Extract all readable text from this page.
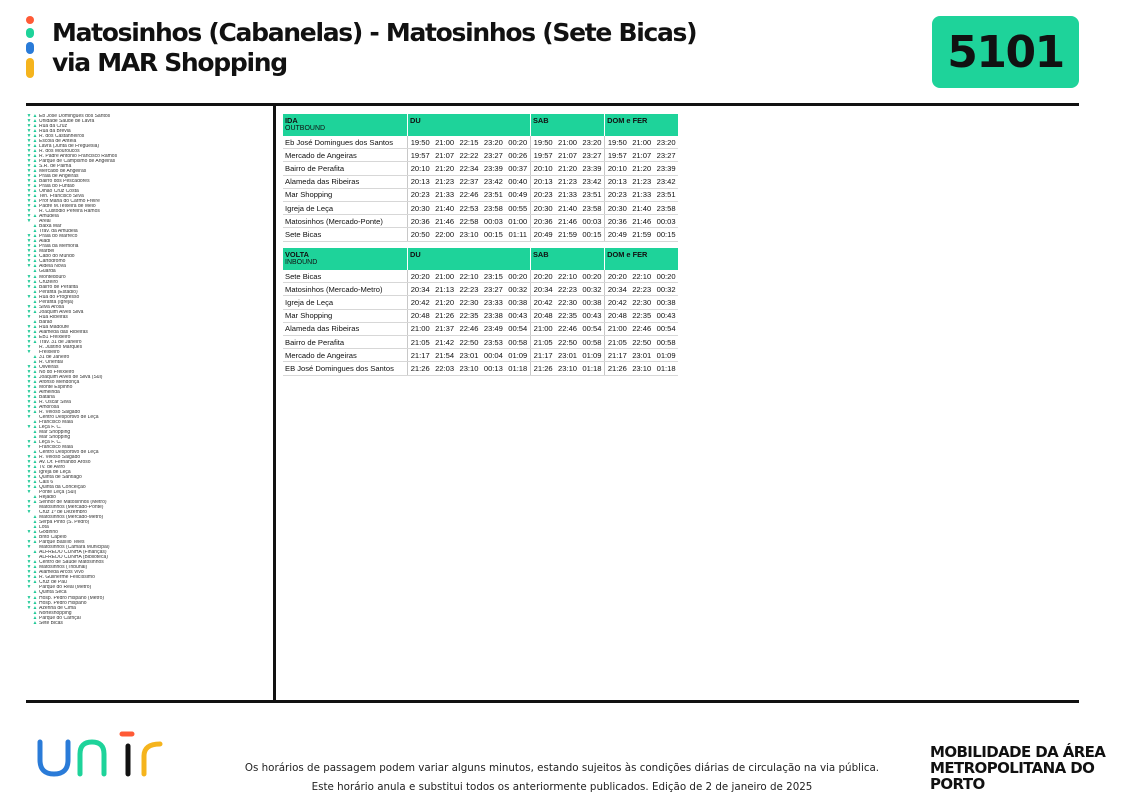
Matosinhos (Cabanelas) - Matosinhos (Sete Bicas)
via MAR Shopping	5101
▼▲ Eb José Domingues dos Santos
▼▲ Unidade Saúde de Lavra
▼▲ Rua da Cruz
▼▲ Rua da Brêvia
▼▲ R. dos Castanheiros
▼▲ Escola de Antela
▼▲ Lavra (Junta de Freguesia)
▼▲ R. dos Mouroucos
▼▲ R. Padre António Francisco Ramos
▼▲ Parque de Campismo de Angeiras
▼▲ S.R. de Palma
▼▲ Mercado de Angeiras
▼▲ Praia de Angeiras
▼▲ Bairro dos Pescadores
▼▲ Praia do Funtão
▼▲ Olhão Cruz Costa
▼▲ Ten. Francisco Silva
▼▲ Prof Maria do Carmo Freire
▼▲ Padre M.Teixeira de Melo
▼ R. Custódio Pereira Ramos
▼▲ Amudela
▼ Areal
▲ Baixa Mar
▲ Trav. da Amudela
▼▲ Praia do Marreco
▼▲ Aladi
▼▲ Praia da Memória
▼▲ Marbel
▼▲ Cabo do Mundo
▼▲ Cartódromo
▼▲ Aldeia Nova
▲ Guarda
▼▲ Montedouro
▼▲ Cruzeiro
▼▲ Bairro de Perafita
▲ Perafita (Estádio)
▼▲ Rua do Progresso
▲ Perafita (Igreja)
▼▲ Silva Arosa
▼▲ Joaquim Alves Silva
▼ Rua Ribeiras
▲ Barão
▼▲ Rua Madoufe
▼▲ Alameda das Ribeiras
▼▲ EB1 Freixieiro
▼▲ Trav. 31 de Janeiro
▼ R. Justino Marques
▼ Freixieiro
▲ 31 de Janeiro
▲ R. Oriental
▼▲ Oliveiras
▼▲ Nó do Freixieiro
▼▲ Joaquim Alves de Silva (Sul)
▼▲ Afonso Mendonça
▼▲ Monte Espinho
▼▲ Almeirida
▼▲ Bataria
▼▲ R. Óscar Silva
▼▲ Amorosa
▼▲ R. Veloso Salgado
▼ Centro Desportivo de Leça
▲ Francisco Maia
▼▲ Leça F. C.
▲ Mar Shopping
▲ Mar Shopping
▼▲ Leça F. C.
▼ Francisco Maia
▲ Centro Desportivo de Leça
▼▲ R. Veloso Salgado
▼▲ Av. Dr. Fernando Aroso
▼▲ Tv. de Aviro
▼▲ Igreja de Leça
▼▲ Quinta de Santiago
▼▲ Cais 6
▼▲ Quinta da Conceição
▼ Ponte Leça (Sul)
▲ Rejádio
▼▲ Senhor de Matosinhos (Metro)
▼ Matosinhos (Mercado-Ponte)
▼ Cruz 1º de Dezembro
▲ Matosinhos (Mercado-Metro)
▲ Serpa Pinto (S. Pedro)
▲ Lota
▼▲ Godinho
▲ Brito Capelo
▼▲ Parque Basílio Teles
▼ Matosinhos (Câmara Municipal)
▲ ALFREDO CUNHA (Finanças)
▼ ALFREDO CUNHA (Biblioteca)
▼▲ Centro de Saúde Matosinhos
▼▲ Matosinhos (Tribunal)
▼▲ Alameda Arcos Vivo
▼▲ R. Guilherme Felicíssimo
▼▲ Cruz de Pau
▼ Parque do Real (Metro)
▲ Quinta Seca
▼▲ Hosp. Pedro Hispano (Metro)
▼▲ Hosp. Pedro Hispano
▼▲ Azenha de Cima
▲ Norteshopping
▲ Parque do Carriçal
▲ Sete Bicas
IDA	DU					SAB			DOM e FER		
OUTBOUND											
Eb José Domingues dos Santos	19:50	21:00	22:15	23:20	00:20	19:50	21:00	23:20	19:50	21:00	23:20
Mercado de Angeiras	19:57	21:07	22:22	23:27	00:26	19:57	21:07	23:27	19:57	21:07	23:27
Bairro de Perafita	20:10	21:20	22:34	23:39	00:37	20:10	21:20	23:39	20:10	21:20	23:39
Alameda das Ribeiras	20:13	21:23	22:37	23:42	00:40	20:13	21:23	23:42	20:13	21:23	23:42
Mar Shopping	20:23	21:33	22:46	23:51	00:49	20:23	21:33	23:51	20:23	21:33	23:51
Igreja de Leça	20:30	21:40	22:53	23:58	00:55	20:30	21:40	23:58	20:30	21:40	23:58
Matosinhos (Mercado-Ponte)	20:36	21:46	22:58	00:03	01:00	20:36	21:46	00:03	20:36	21:46	00:03
Sete Bicas	20:50	22:00	23:10	00:15	01:11	20:49	21:59	00:15	20:49	21:59	00:15
VOLTA	DU					SAB			DOM e FER		
INBOUND											
Sete Bicas	20:20	21:00	22:10	23:15	00:20	20:20	22:10	00:20	20:20	22:10	00:20
Matosinhos (Mercado-Metro)	20:34	21:13	22:23	23:27	00:32	20:34	22:23	00:32	20:34	22:23	00:32
Igreja de Leça	20:42	21:20	22:30	23:33	00:38	20:42	22:30	00:38	20:42	22:30	00:38
Mar Shopping	20:48	21:26	22:35	23:38	00:43	20:48	22:35	00:43	20:48	22:35	00:43
Alameda das Ribeiras	21:00	21:37	22:46	23:49	00:54	21:00	22:46	00:54	21:00	22:46	00:54
Bairro de Perafita	21:05	21:42	22:50	23:53	00:58	21:05	22:50	00:58	21:05	22:50	00:58
Mercado de Angeiras	21:17	21:54	23:01	00:04	01:09	21:17	23:01	01:09	21:17	23:01	01:09
EB José Domingues dos Santos	21:26	22:03	23:10	00:13	01:18	21:26	23:10	01:18	21:26	23:10	01:18
Os horários de passagem podem variar alguns minutos, estando sujeitos às condições diárias de circulação na via pública.
Este horário anula e substitui todos os anteriormente publicados. Edição de 2 de janeiro de 2025
MOBILIDADE DA ÁREA
METROPOLITANA DO PORTO
